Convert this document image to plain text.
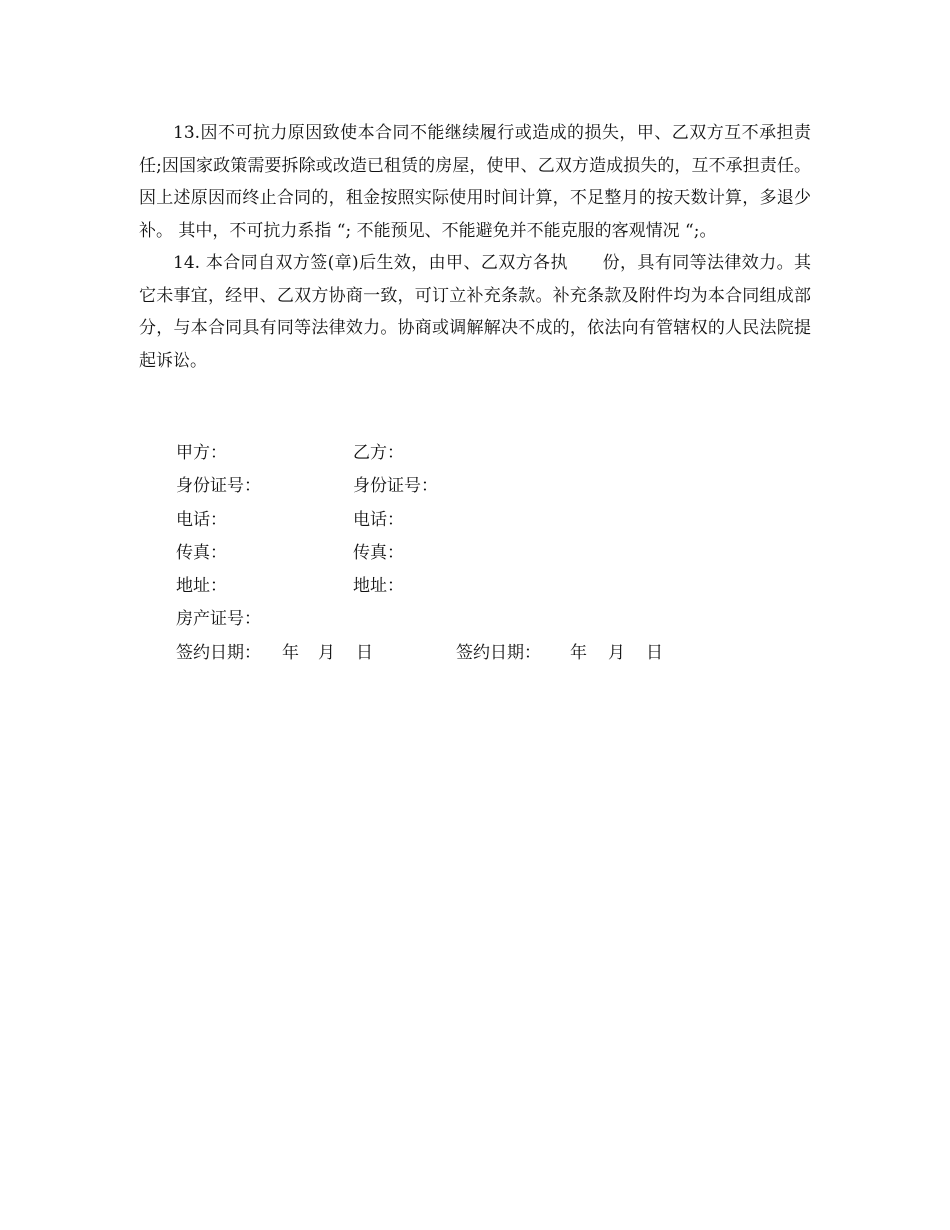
13.因不可抗力原因致使本合同不能继续履行或造成的损失，甲、乙双方互不承担责任;因国家政策需要拆除或改造已租赁的房屋，使甲、乙双方造成损失的，互不承担责任。因上述原因而终止合同的，租金按照实际使用时间计算，不足整月的按天数计算，多退少补。 其中，不可抗力系指 “; 不能预见、不能避免并不能克服的客观情况 “;。

14. 本合同自双方签(章)后生效，由甲、乙双方各执　　份，具有同等法律效力。其它未事宜，经甲、乙双方协商一致，可订立补充条款。补充条款及附件均为本合同组成部分，与本合同具有同等法律效力。协商或调解解决不成的，依法向有管辖权的人民法院提起诉讼。

甲方：	乙方：
身份证号：	身份证号：
电话：	电话：
传真：	传真：
地址：	地址：
房产证号：
签约日期： 年 月 日	签约日期： 年 月 日
